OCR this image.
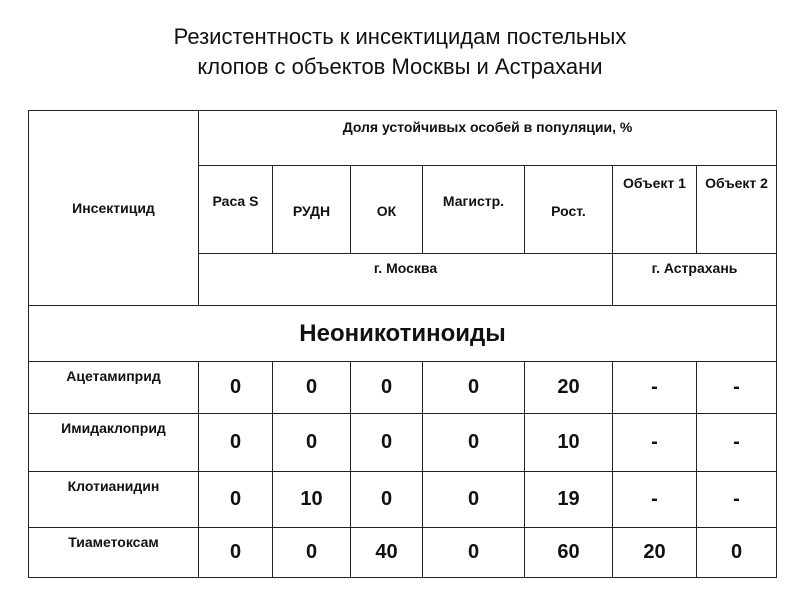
Резистентность к инсектицидам постельных
клопов с объектов Москвы и Астрахани
Инсектицид	Доля устойчивых особей в популяции, %						
	Раса S	РУДН	ОК	Магистр.	Рост.	Объект 1	Объект 2
	г. Москва					г. Астрахань	
Неоникотиноиды							
Ацетамиприд	0	0	0	0	20	-	-
Имидаклоприд	0	0	0	0	10	-	-
Клотианидин	0	10	0	0	19	-	-
Тиаметоксам	0	0	40	0	60	20	0
